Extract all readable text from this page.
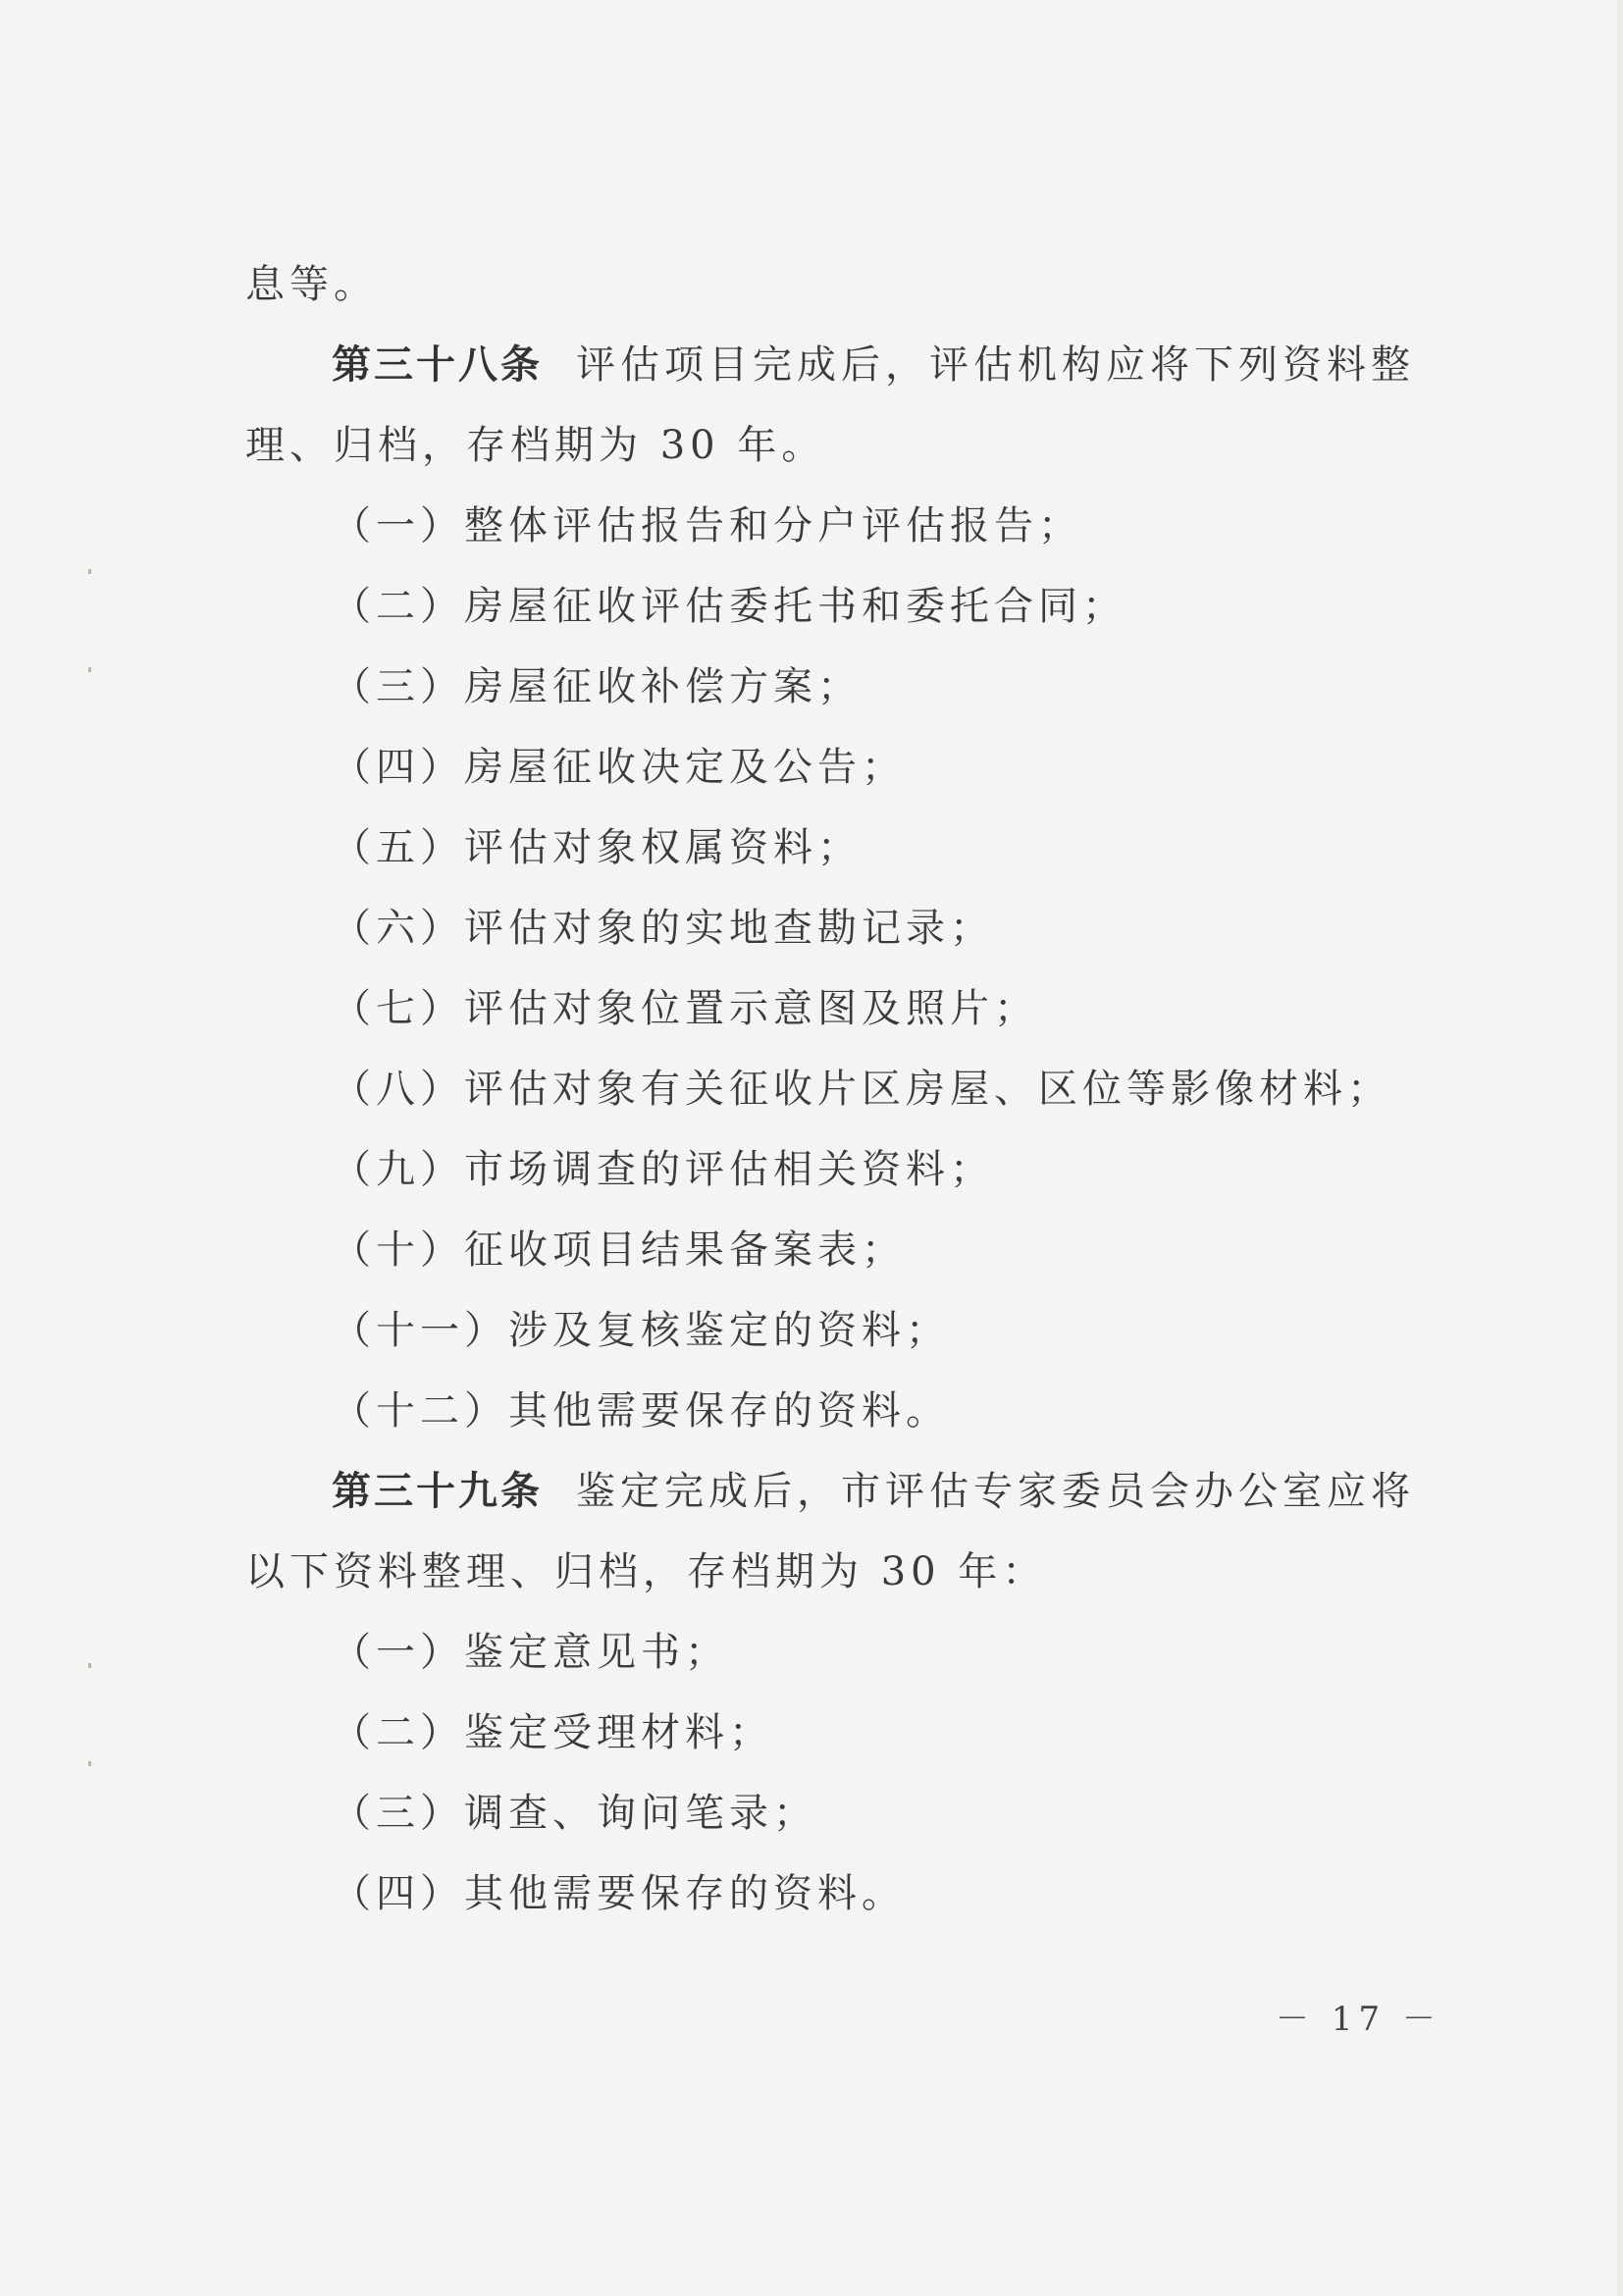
息等。
第三十八条 评估项目完成后，评估机构应将下列资料整
理、归档，存档期为 30 年。
（一）整体评估报告和分户评估报告；
（二）房屋征收评估委托书和委托合同；
（三）房屋征收补偿方案；
（四）房屋征收决定及公告；
（五）评估对象权属资料；
（六）评估对象的实地查勘记录；
（七）评估对象位置示意图及照片；
（八）评估对象有关征收片区房屋、区位等影像材料；
（九）市场调查的评估相关资料；
（十）征收项目结果备案表；
（十一）涉及复核鉴定的资料；
（十二）其他需要保存的资料。
第三十九条 鉴定完成后，市评估专家委员会办公室应将
以下资料整理、归档，存档期为 30 年：
（一）鉴定意见书；
（二）鉴定受理材料；
（三）调查、询问笔录；
（四）其他需要保存的资料。
－ 17 －
